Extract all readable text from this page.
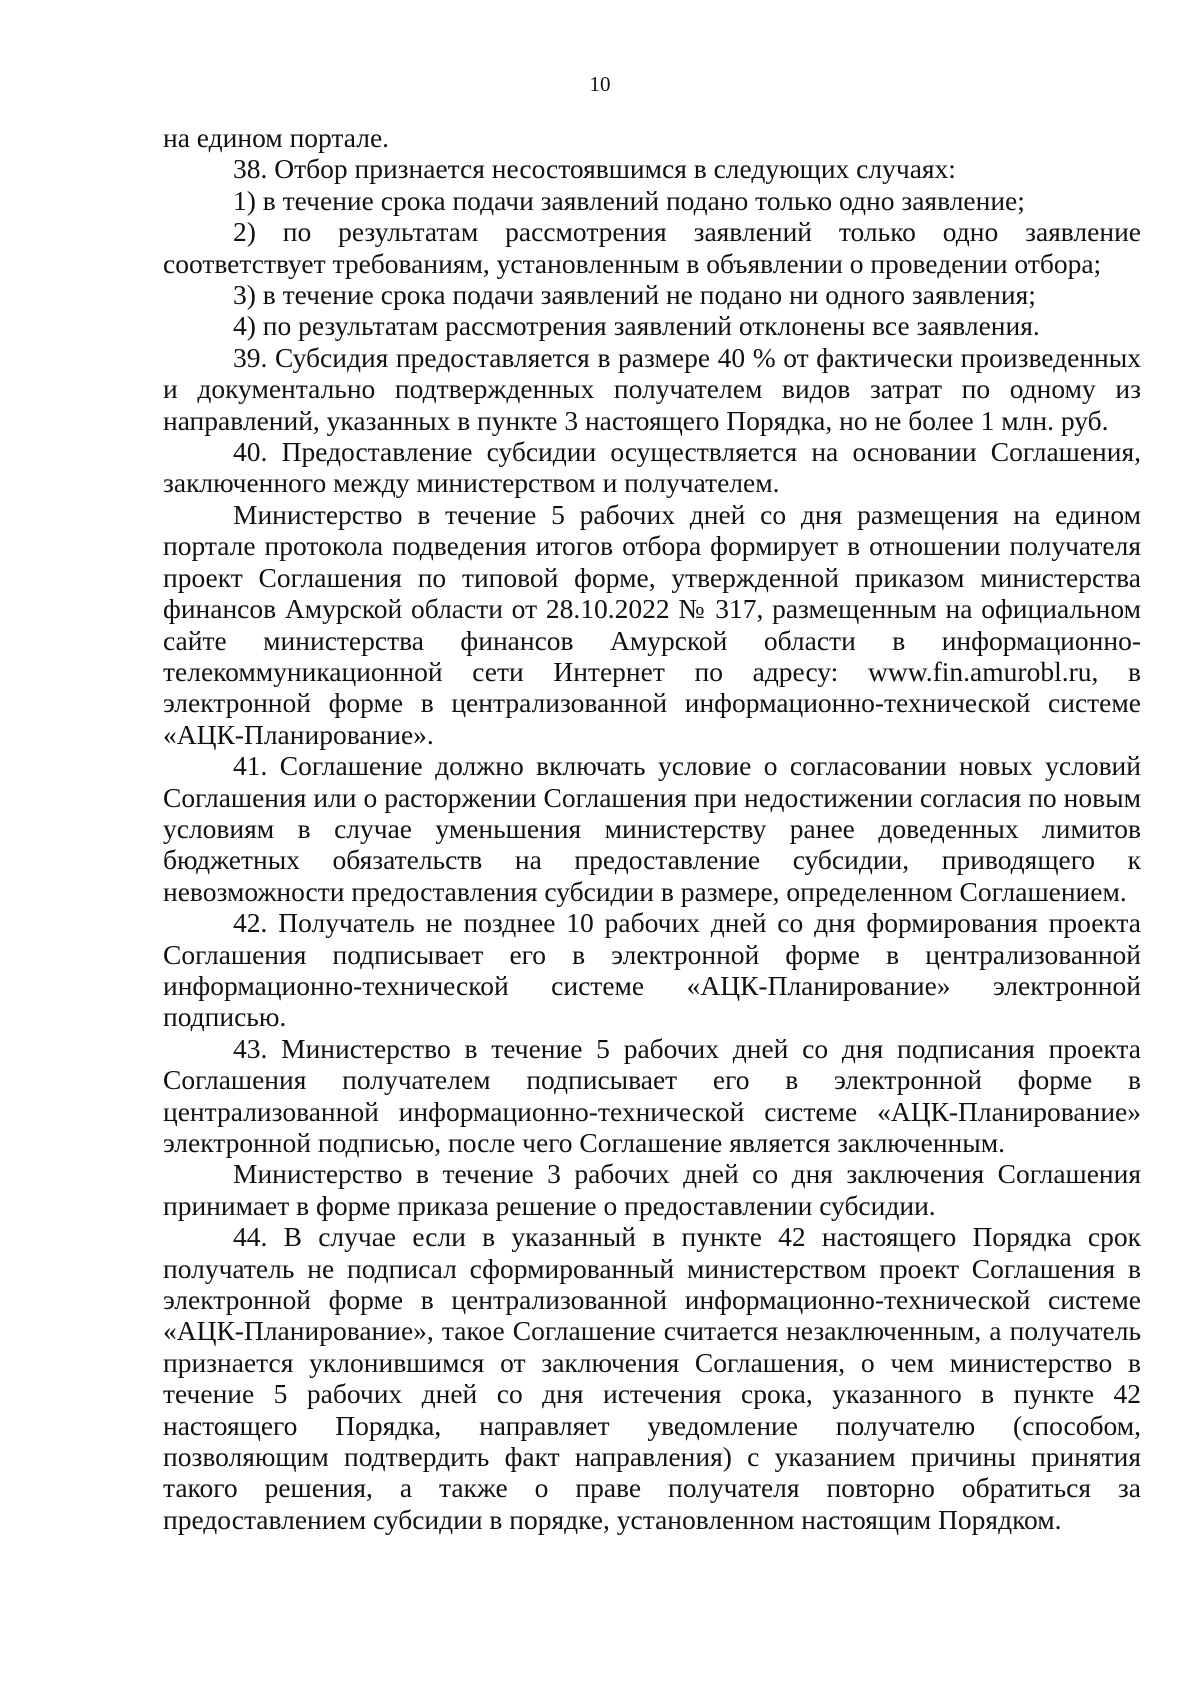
10

на едином портале.

38. Отбор признается несостоявшимся в следующих случаях:

1) в течение срока подачи заявлений подано только одно заявление;

2) по результатам рассмотрения заявлений только одно заявление соответствует требованиям, установленным в объявлении о проведении отбора;

3) в течение срока подачи заявлений не подано ни одного заявления;

4) по результатам рассмотрения заявлений отклонены все заявления.

39. Субсидия предоставляется в размере 40 % от фактически произведенных и документально подтвержденных получателем видов затрат по одному из направлений, указанных в пункте 3 настоящего Порядка, но не более 1 млн. руб.

40. Предоставление субсидии осуществляется на основании Соглашения, заключенного между министерством и получателем.

Министерство в течение 5 рабочих дней со дня размещения на едином портале протокола подведения итогов отбора формирует в отношении получателя проект Соглашения по типовой форме, утвержденной приказом министерства финансов Амурской области от 28.10.2022 № 317, размещенным на официальном сайте министерства финансов Амурской области в информационно-телекоммуникационной сети Интернет по адресу: www.fin.amurobl.ru, в электронной форме в централизованной информационно-технической системе «АЦК-Планирование».

41. Соглашение должно включать условие о согласовании новых условий Соглашения или о расторжении Соглашения при недостижении согласия по новым условиям в случае уменьшения министерству ранее доведенных лимитов бюджетных обязательств на предоставление субсидии, приводящего к невозможности предоставления субсидии в размере, определенном Соглашением.

42. Получатель не позднее 10 рабочих дней со дня формирования проекта Соглашения подписывает его в электронной форме в централизованной информационно-технической системе «АЦК-Планирование» электронной подписью.

43. Министерство в течение 5 рабочих дней со дня подписания проекта Соглашения получателем подписывает его в электронной форме в централизованной информационно-технической системе «АЦК-Планирование» электронной подписью, после чего Соглашение является заключенным.

Министерство в течение 3 рабочих дней со дня заключения Соглашения принимает в форме приказа решение о предоставлении субсидии.

44. В случае если в указанный в пункте 42 настоящего Порядка срок получатель не подписал сформированный министерством проект Соглашения в электронной форме в централизованной информационно-технической системе «АЦК-Планирование», такое Соглашение считается незаключенным, а получатель признается уклонившимся от заключения Соглашения, о чем министерство в течение 5 рабочих дней со дня истечения срока, указанного в пункте 42 настоящего Порядка, направляет уведомление получателю (способом, позволяющим подтвердить факт направления) с указанием причины принятия такого решения, а также о праве получателя повторно обратиться за предоставлением субсидии в порядке, установленном настоящим Порядком.
